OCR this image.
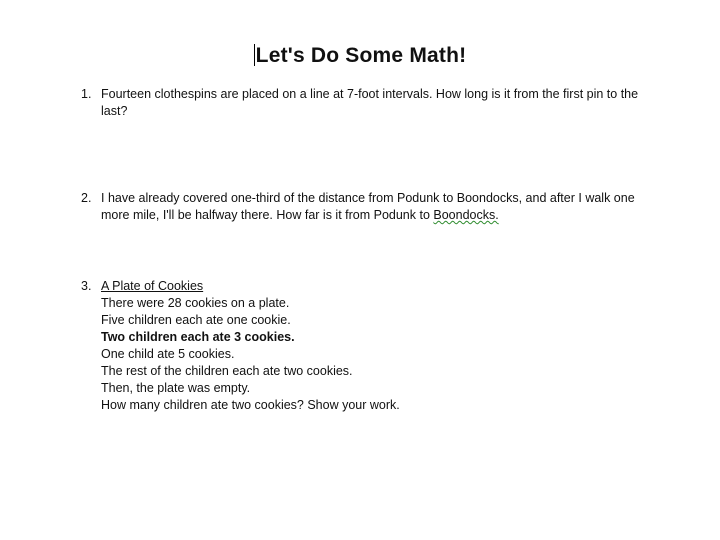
Let's Do Some Math!
1. Fourteen clothespins are placed on a line at 7-foot intervals. How long is it from the first pin to the last?
2. I have already covered one-third of the distance from Podunk to Boondocks, and after I walk one more mile, I'll be halfway there. How far is it from Podunk to Boondocks.
3. A Plate of Cookies
There were 28 cookies on a plate.
Five children each ate one cookie.
Two children each ate 3 cookies.
One child ate 5 cookies.
The rest of the children each ate two cookies.
Then, the plate was empty.
How many children ate two cookies? Show your work.
